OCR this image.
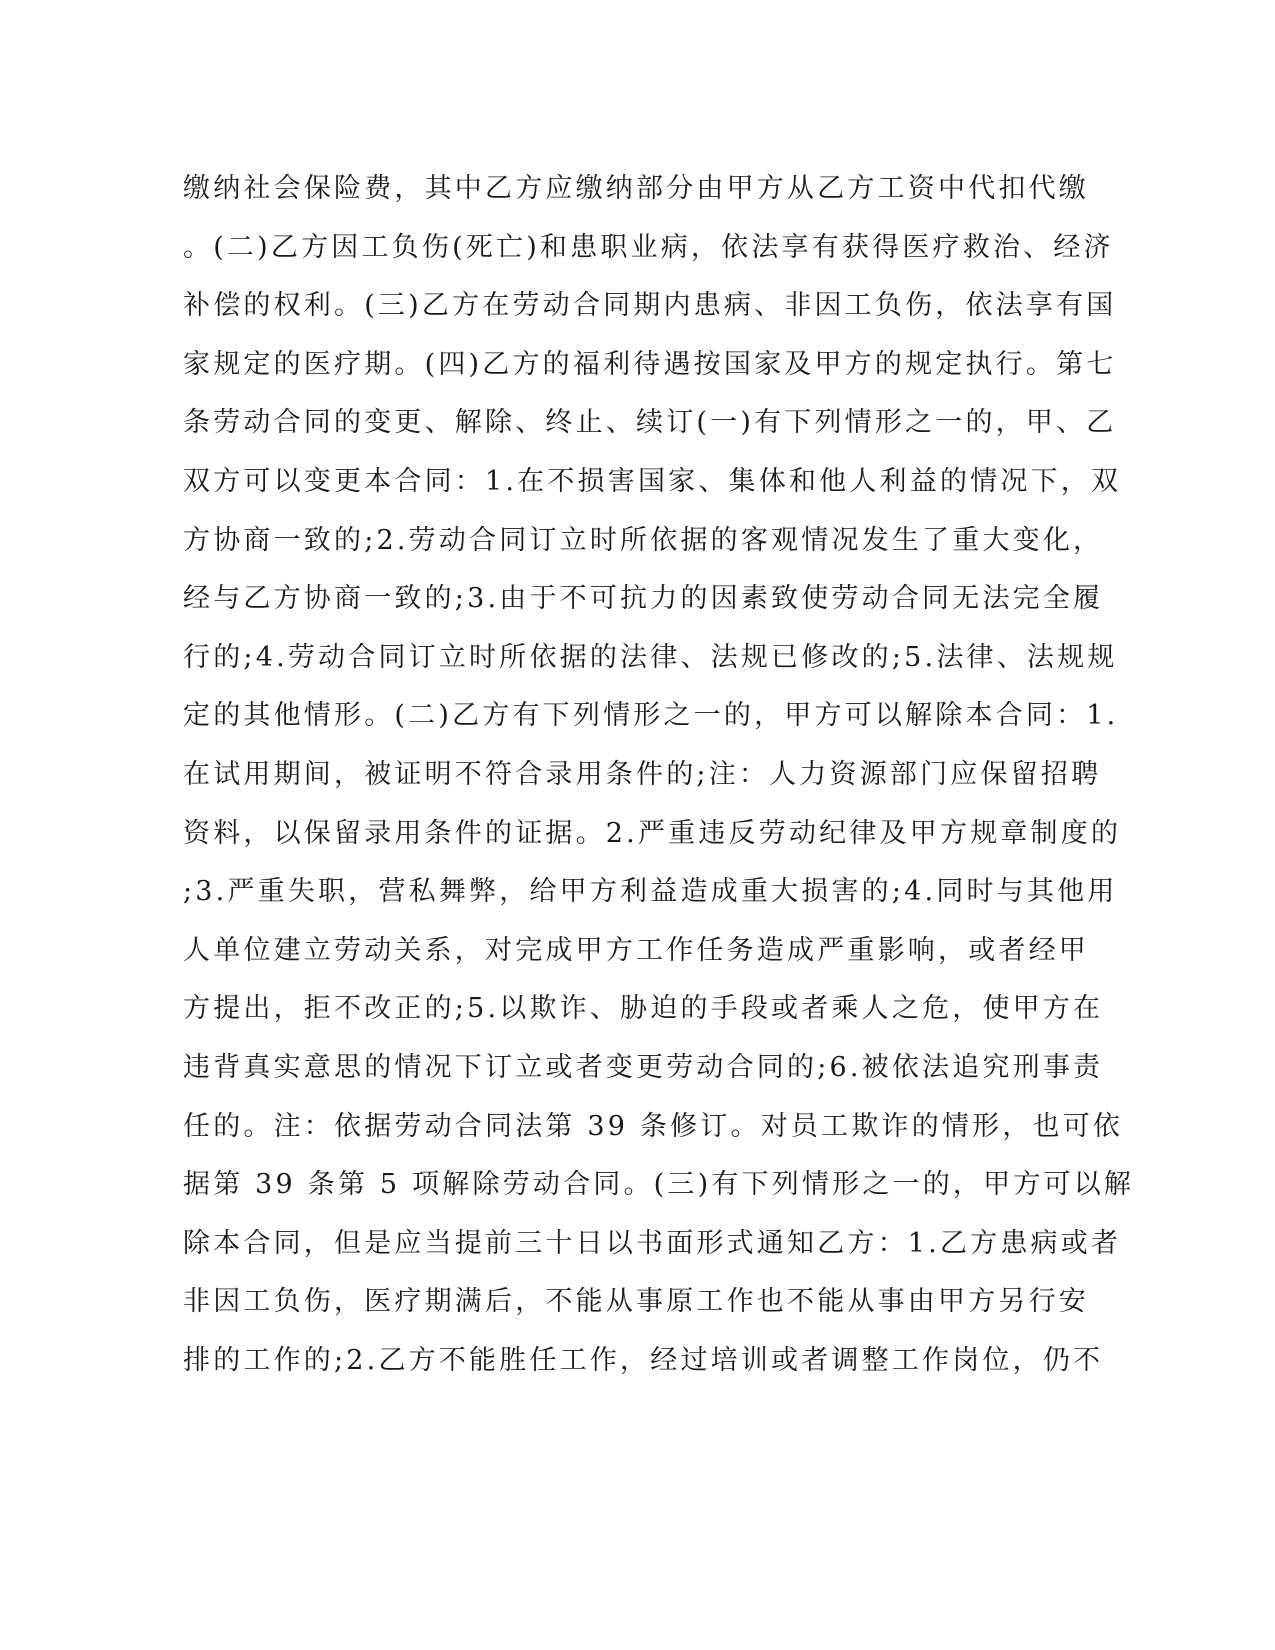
缴纳社会保险费，其中乙方应缴纳部分由甲方从乙方工资中代扣代缴
。(二)乙方因工负伤(死亡)和患职业病，依法享有获得医疗救治、经济
补偿的权利。(三)乙方在劳动合同期内患病、非因工负伤，依法享有国
家规定的医疗期。(四)乙方的福利待遇按国家及甲方的规定执行。第七
条劳动合同的变更、解除、终止、续订(一)有下列情形之一的，甲、乙
双方可以变更本合同：1.在不损害国家、集体和他人利益的情况下，双
方协商一致的;2.劳动合同订立时所依据的客观情况发生了重大变化，
经与乙方协商一致的;3.由于不可抗力的因素致使劳动合同无法完全履
行的;4.劳动合同订立时所依据的法律、法规已修改的;5.法律、法规规
定的其他情形。(二)乙方有下列情形之一的，甲方可以解除本合同：1.
在试用期间，被证明不符合录用条件的;注：人力资源部门应保留招聘
资料，以保留录用条件的证据。2.严重违反劳动纪律及甲方规章制度的
;3.严重失职，营私舞弊，给甲方利益造成重大损害的;4.同时与其他用
人单位建立劳动关系，对完成甲方工作任务造成严重影响，或者经甲
方提出，拒不改正的;5.以欺诈、胁迫的手段或者乘人之危，使甲方在
违背真实意思的情况下订立或者变更劳动合同的;6.被依法追究刑事责
任的。注：依据劳动合同法第 39 条修订。对员工欺诈的情形，也可依
据第 39 条第 5 项解除劳动合同。(三)有下列情形之一的，甲方可以解
除本合同，但是应当提前三十日以书面形式通知乙方：1.乙方患病或者
非因工负伤，医疗期满后，不能从事原工作也不能从事由甲方另行安
排的工作的;2.乙方不能胜任工作，经过培训或者调整工作岗位，仍不
